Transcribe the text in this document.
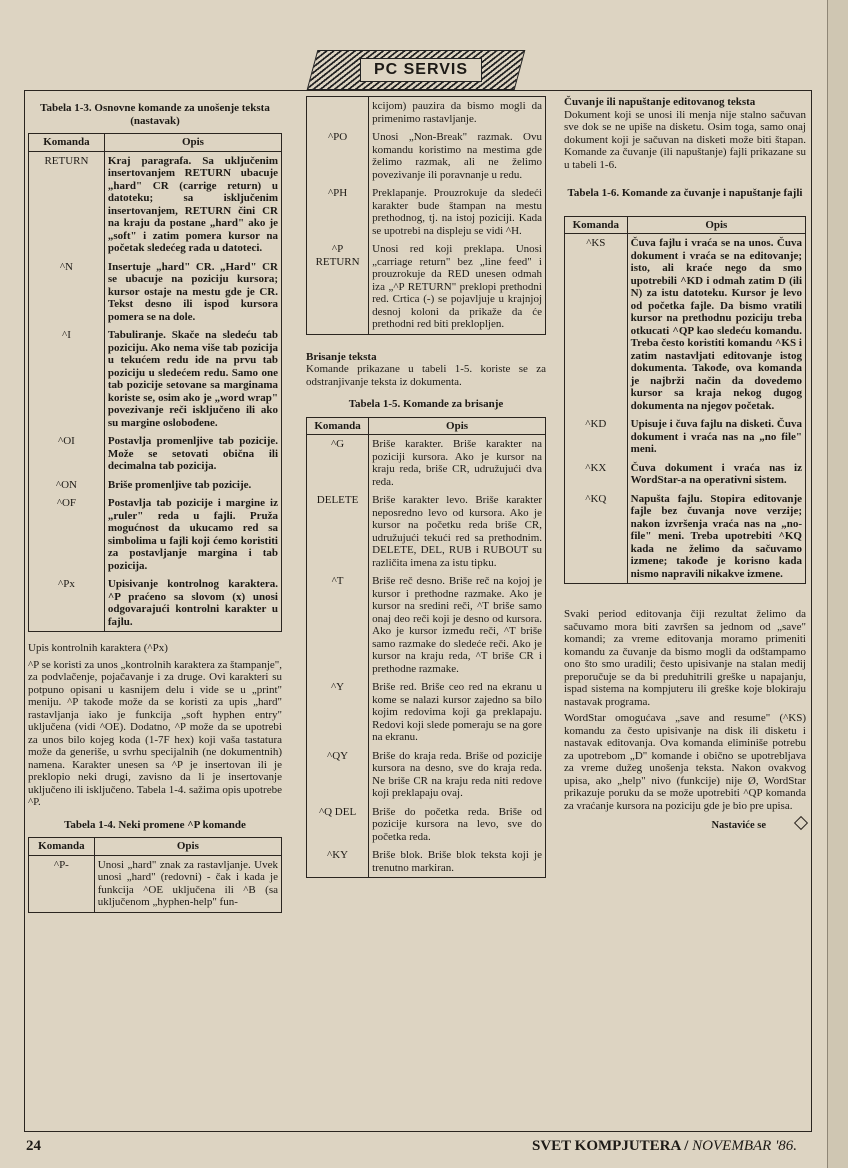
PC SERVIS
Tabela 1-3. Osnovne komande za unošenje teksta (nastavak)
Komanda	Opis
RETURN	Kraj paragrafa. Sa uključenim insertovanjem RETURN ubacuje „hard" CR (carrige return) u datoteku; sa isključenim insertovanjem, RETURN čini CR na kraju da postane „hard" ako je „soft" i zatim pomera kursor na početak sledećeg rada u datoteci.
^N	Insertuje „hard" CR. „Hard" CR se ubacuje na poziciju kursora; kursor ostaje na mestu gde je CR. Tekst desno ili ispod kursora pomera se na dole.
^I	Tabuliranje. Skače na sledeću tab poziciju. Ako nema više tab pozicija u tekućem redu ide na prvu tab poziciju u sledećem redu. Samo one tab pozicije setovane sa marginama koriste se, osim ako je „word wrap" povezivanje reči isključeno ili ako su margine oslobođene.
^OI	Postavlja promenljive tab pozicije. Može se setovati obična ili decimalna tab pozicija.
^ON	Briše promenljive tab pozicije.
^OF	Postavlja tab pozicije i margine iz „ruler" reda u fajli. Pruža mogućnost da ukucamo red sa simbolima u fajli koji ćemo koristiti za postavljanje margina i tab pozicija.
^Px	Upisivanje kontrolnog karaktera. ^P praćeno sa slovom (x) unosi odgovarajući kontrolni karakter u fajlu.

Upis kontrolnih karaktera (^Px)

^P se koristi za unos „kontrolnih karaktera za štampanje", za podvlačenje, pojačavanje i za druge. Ovi karakteri su potpuno opisani u kasnijem delu i vide se u „print" meniju. ^P takođe može da se koristi za upis „hard" rastavljanja iako je funkcija „soft hyphen entry" uključena (vidi ^OE). Dodatno, ^P može da se upotrebi za unos bilo kojeg koda (1-7F hex) koji vaša tastatura može da generiše, u svrhu specijalnih (ne dokumentnih) namena. Karakter unesen sa ^P je insertovan ili je preklopio neki drugi, zavisno da li je insertovanje uključeno ili isključeno. Tabela 1-4. sažima opis upotrebe ^P.

Tabela 1-4. Neki promene ^P komande
Komanda	Opis
^P-	Unosi „hard" znak za rastavljanje. Uvek unosi „hard" (redovni) - čak i kada je funkcija ^OE uključena ili ^B (sa uključenom „hyphen-help" fun-
	kcijom) pauzira da bismo mogli da primenimo rastavljanje.
^PO	Unosi „Non-Break" razmak. Ovu komandu koristimo na mestima gde želimo razmak, ali ne želimo povezivanje ili poravnanje u redu.
^PH	Preklapanje. Prouzrokuje da sledeći karakter bude štampan na mestu prethodnog, tj. na istoj poziciji. Kada se upotrebi na displeju se vidi ^H.
^P
RETURN	Unosi red koji preklapa. Unosi „carriage return" bez „line feed" i prouzrokuje da RED unesen odmah iza „^P RETURN" preklopi prethodni red. Crtica (-) se pojavljuje u krajnjoj desnoj koloni da prikaže da će prethodni red biti preklopljen.

Brisanje teksta

Komande prikazane u tabeli 1-5. koriste se za odstranjivanje teksta iz dokumenta.

Tabela 1-5. Komande za brisanje
Komanda	Opis
^G	Briše karakter. Briše karakter na poziciji kursora. Ako je kursor na kraju reda, briše CR, udružujući dva reda.
DELETE	Briše karakter levo. Briše karakter neposredno levo od kursora. Ako je kursor na početku reda briše CR, udružujući tekući red sa prethodnim. DELETE, DEL, RUB i RUBOUT su različita imena za istu tipku.
^T	Briše reč desno. Briše reč na kojoj je kursor i prethodne razmake. Ako je kursor na sredini reči, ^T briše samo onaj deo reči koji je desno od kursora. Ako je kursor između reči, ^T briše samo razmake do sledeće reči. Ako je kursor na kraju reda, ^T briše CR i prethodne razmake.
^Y	Briše red. Briše ceo red na ekranu u kome se nalazi kursor zajedno sa bilo kojim redovima koji ga preklapaju. Redovi koji slede pomeraju se na gore na ekranu.
^QY	Briše do kraja reda. Briše od pozicije kursora na desno, sve do kraja reda. Ne briše CR na kraju reda niti redove koji preklapaju ovaj.
^Q DEL	Briše do početka reda. Briše od pozicije kursora na levo, sve do početka reda.
^KY	Briše blok. Briše blok teksta koji je trenutno markiran.

Čuvanje ili napuštanje editovanog teksta

Dokument koji se unosi ili menja nije stalno sačuvan sve dok se ne upiše na disketu. Osim toga, samo onaj dokument koji je sačuvan na disketi može biti štapan. Komande za čuvanje (ili napuštanje) fajli prikazane su u tabeli 1-6.

Tabela 1-6. Komande za čuvanje i napuštanje fajli
Komanda	Opis
^KS	Čuva fajlu i vraća se na unos. Čuva dokument i vraća se na editovanje; isto, ali kraće nego da smo upotrebili ^KD i odmah zatim D (ili N) za istu datoteku. Kursor je levo od početka fajle. Da bismo vratili kursor na prethodnu poziciju treba otkucati ^QP kao sledeću komandu. Treba često koristiti komandu ^KS i zatim nastavljati editovanje istog dokumenta. Takođe, ova komanda je najbrži način da dovedemo kursor sa kraja nekog dugog dokumenta na njegov početak.
^KD	Upisuje i čuva fajlu na disketi. Čuva dokument i vraća nas na „no file" meni.
^KX	Čuva dokument i vraća nas iz WordStar-a na operativni sistem.
^KQ	Napušta fajlu. Stopira editovanje fajle bez čuvanja nove verzije; nakon izvršenja vraća nas na „no-file" meni. Treba upotrebiti ^KQ kada ne želimo da sačuvamo izmene; takođe je korisno kada nismo napravili nikakve izmene.

Svaki period editovanja čiji rezultat želimo da sačuvamo mora biti završen sa jednom od „save" komandi; za vreme editovanja moramo primeniti komandu za čuvanje da bismo mogli da odštampamo ono što smo uradili; često upisivanje na stalan medij preporučuje se da bi preduhitrili greške u napajanju, ispad sistema na kompjuteru ili greške koje blokiraju nastavak programa.

WordStar omogućava „save and resume" (^KS) komandu za često upisivanje na disk ili disketu i nastavak editovanja. Ova komanda eliminiše potrebu za upotrebom „D" komande i obično se upotrebljava za vreme dužeg unošenja teksta. Nakon ovakvog upisa, ako „help" nivo (funkcije) nije Ø, WordStar prikazuje poruku da se može upotrebiti ^QP komanda za vraćanje kursora na poziciju gde je bio pre upisa.

Nastaviće se
24	SVET KOMPJUTERA / NOVEMBAR '86.
